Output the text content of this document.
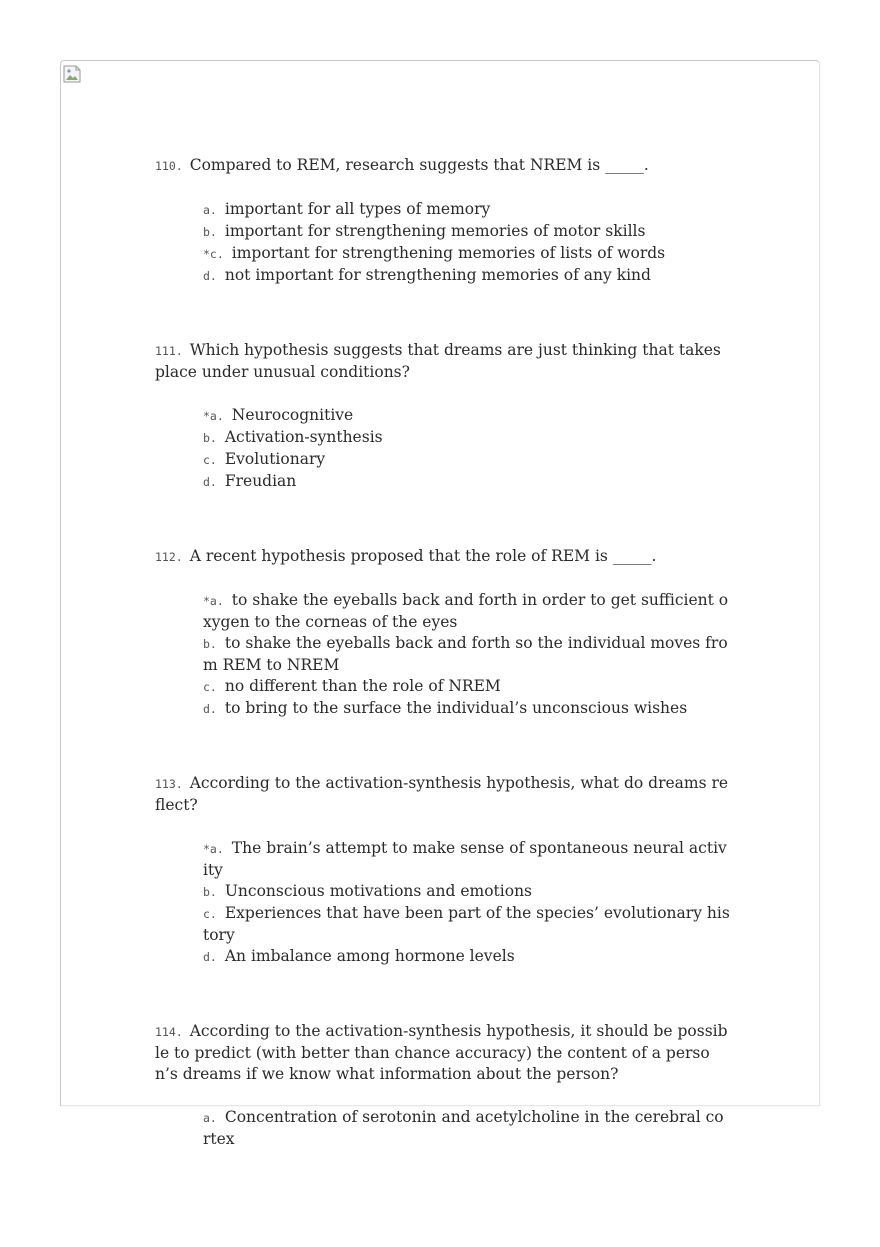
110. Compared to REM, research suggests that NREM is _____.
a. important for all types of memory
b. important for strengthening memories of motor skills
*c. important for strengthening memories of lists of words
d. not important for strengthening memories of any kind
111. Which hypothesis suggests that dreams are just thinking that takes place under unusual conditions?
*a. Neurocognitive
b. Activation-synthesis
c. Evolutionary
d. Freudian
112. A recent hypothesis proposed that the role of REM is _____.
*a. to shake the eyeballs back and forth in order to get sufficient oxygen to the corneas of the eyes
b. to shake the eyeballs back and forth so the individual moves from REM to NREM
c. no different than the role of NREM
d. to bring to the surface the individual’s unconscious wishes
113. According to the activation-synthesis hypothesis, what do dreams reflect?
*a. The brain’s attempt to make sense of spontaneous neural activity
b. Unconscious motivations and emotions
c. Experiences that have been part of the species’ evolutionary history
d. An imbalance among hormone levels
114. According to the activation-synthesis hypothesis, it should be possible to predict (with better than chance accuracy) the content of a person’s dreams if we know what information about the person?
a. Concentration of serotonin and acetylcholine in the cerebral cortex
